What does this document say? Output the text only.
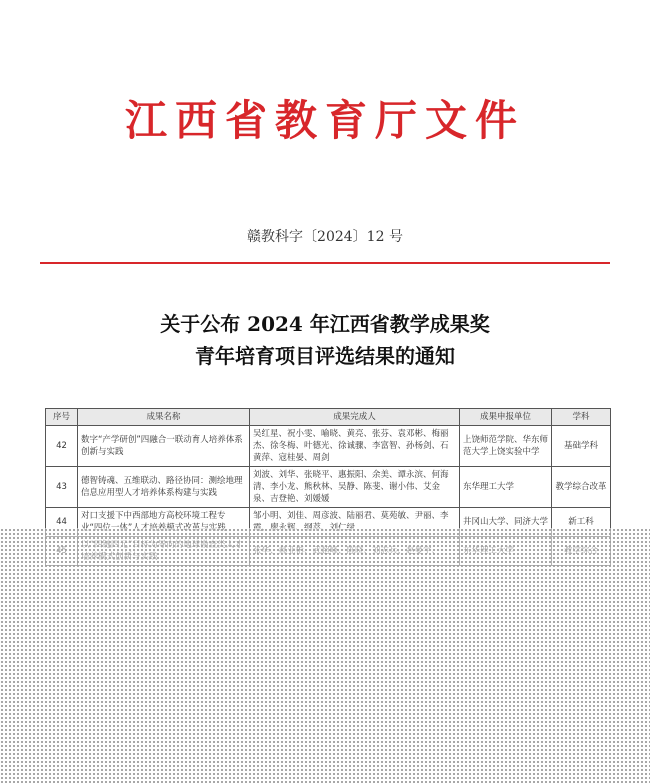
江西省教育厅文件
赣教科字〔2024〕12 号
关于公布 2024 年江西省教学成果奖
青年培育项目评选结果的通知
序号	成果名称	成果完成人	成果申报单位	学科
42	数字“产学研创”四融合一联动育人培养体系创新与实践	吴红星、祝小雯、喻晓、黄亮、张芬、袁邓彬、梅丽杰、徐冬梅、叶德光、徐诚骤、李富智、孙杨剑、石黄萍、寇桂晏、周剑	上饶师范学院、华东师范大学上饶实验中学	基础学科
43	德智铸魂、五维联动、路径协同：测绘地理信息应用型人才培养体系构建与实践	刘波、刘华、张晓平、惠振阳、余美、谭永滨、何海清、李小龙、熊秋林、吴静、陈斐、谢小伟、艾金泉、吉登艳、刘媛媛	东华理工大学	教学综合改革
44	对口支援下中西部地方高校环境工程专	邹小明、刘佳、周彦波、陆丽君、莫苑敏、尹丽、李	井冈山大学、同济大学	新工科
